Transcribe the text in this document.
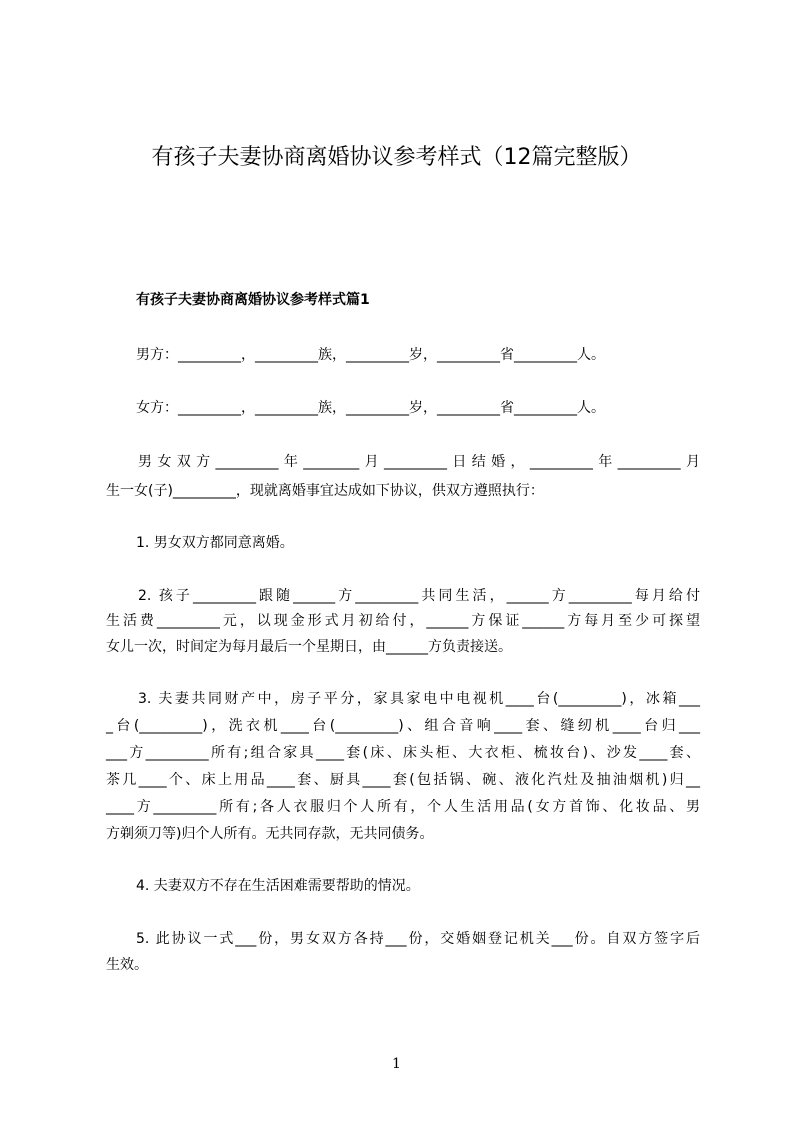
有孩子夫妻协商离婚协议参考样式（12篇完整版）
有孩子夫妻协商离婚协议参考样式篇1
男方：_________，_________族，_________岁，_________省_________人。
女方：_________，_________族，_________岁，_________省_________人。
男女双方_________年________月_________日结婚，_________年_________月
生一女(子)_________，现就离婚事宜达成如下协议，供双方遵照执行：
1. 男女双方都同意离婚。
2. 孩子_________跟随______方_________共同生活，______方_________每月给付
生活费_________元，以现金形式月初给付，______方保证______方每月至少可探望
女儿一次，时间定为每月最后一个星期日，由______方负责接送。
3. 夫妻共同财产中，房子平分，家具家电中电视机____台(_________)，冰箱___
_台(_________)，洗衣机____台(_________)、组合音响____套、缝纫机____台归___
___方_________所有;组合家具____套(床、床头柜、大衣柜、梳妆台)、沙发____套、
茶几____个、床上用品____套、厨具____套(包括锅、碗、液化汽灶及抽油烟机)归__
____方_________所有;各人衣服归个人所有，个人生活用品(女方首饰、化妆品、男
方剃须刀等)归个人所有。无共同存款，无共同债务。
4. 夫妻双方不存在生活困难需要帮助的情况。
5. 此协议一式___份，男女双方各持___份，交婚姻登记机关___份。自双方签字后
生效。
1
